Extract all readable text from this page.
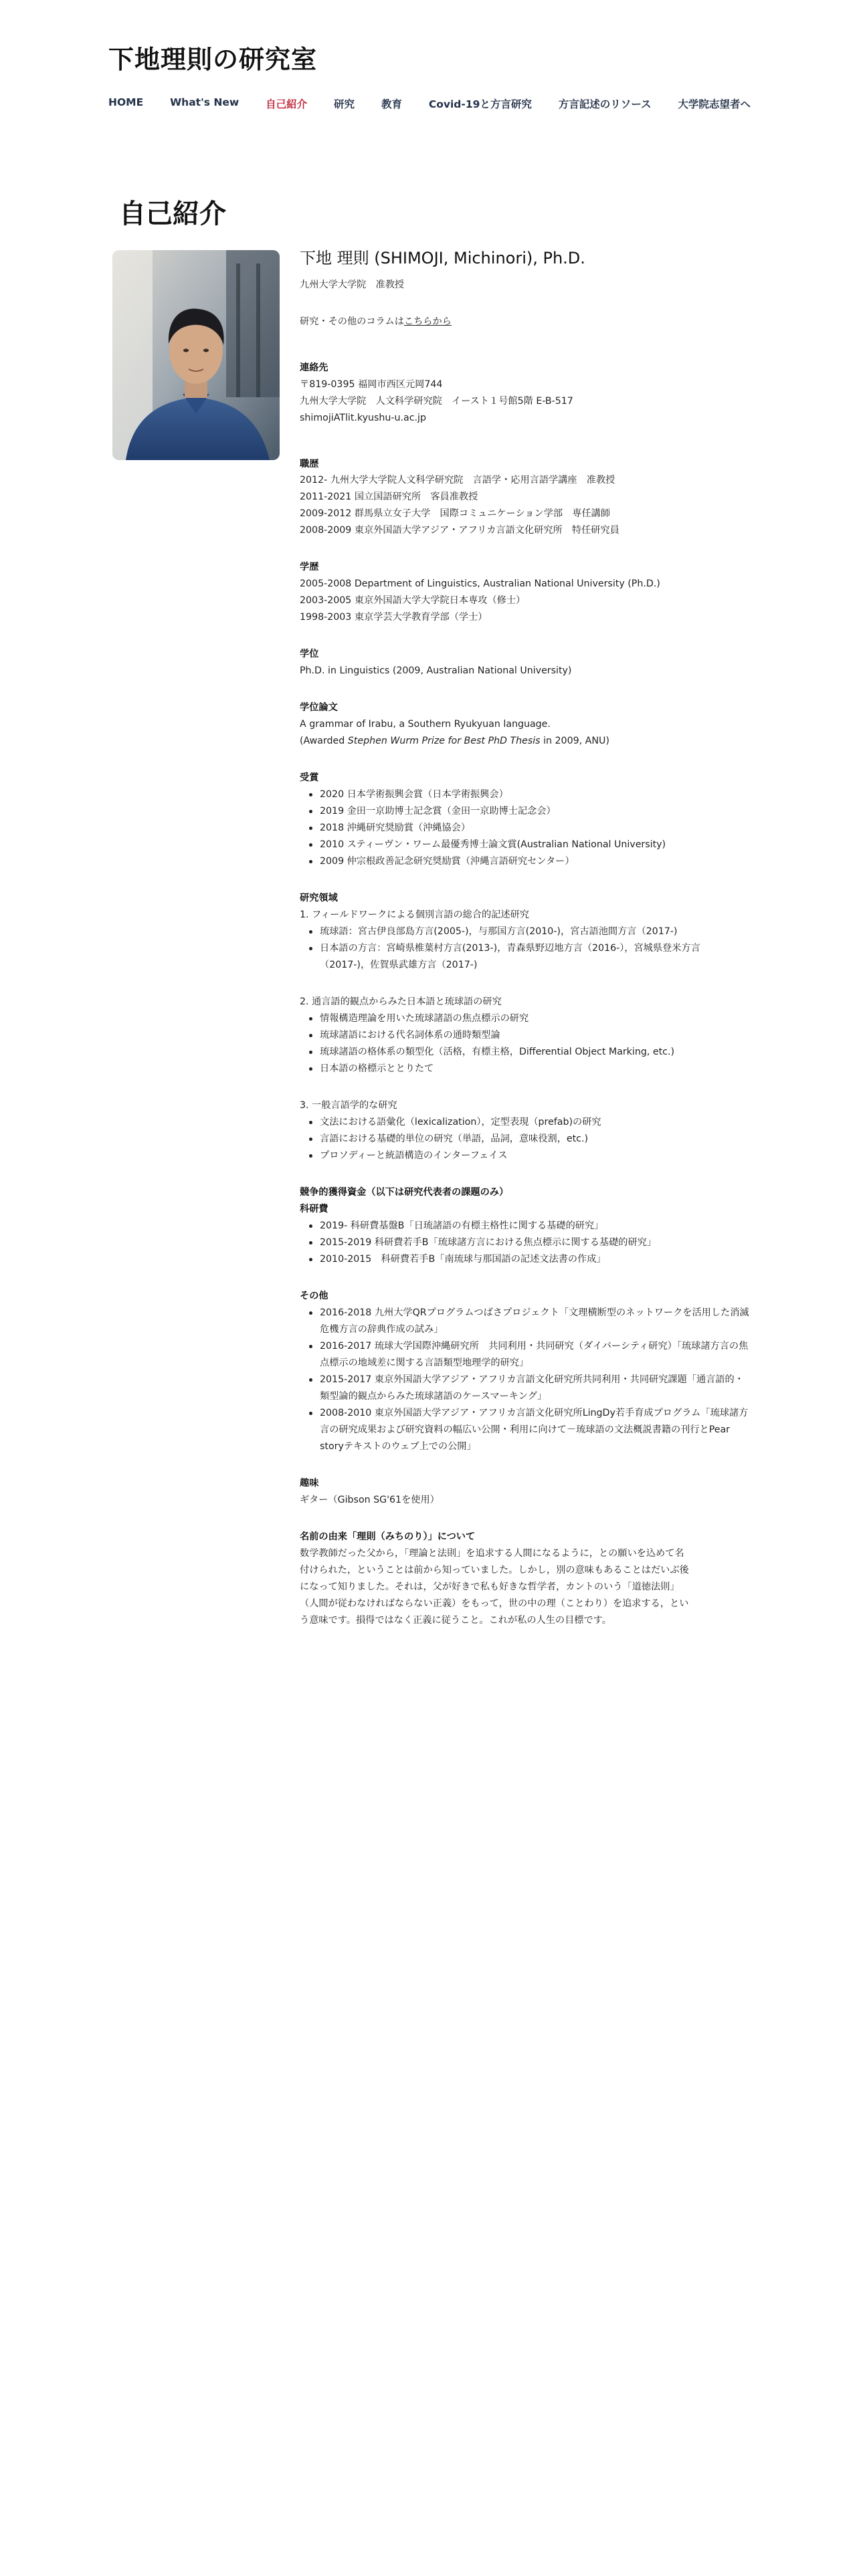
下地理則の研究室
HOME	What's New	自己紹介	研究	教育	Covid-19と方言研究	方言記述のリソース	大学院志望者へ
自己紹介
下地 理則 (SHIMOJI, Michinori), Ph.D.

九州大学大学院　准教授

研究・その他のコラムはこちらから

連絡先

〒819-0395 福岡市西区元岡744

九州大学大学院　人文科学研究院　イースト１号館5階 E-B-517

shimojiATlit.kyushu-u.ac.jp

職歴

2012- 九州大学大学院人文科学研究院　言語学・応用言語学講座　准教授

2011-2021 国立国語研究所　客員准教授

2009-2012 群馬県立女子大学　国際コミュニケーション学部　専任講師

2008-2009 東京外国語大学アジア・アフリカ言語文化研究所　特任研究員

学歴

2005-2008 Department of Linguistics, Australian National University (Ph.D.)

2003-2005 東京外国語大学大学院日本専攻（修士）

1998-2003 東京学芸大学教育学部（学士）

学位

Ph.D. in Linguistics (2009, Australian National University)

学位論文

A grammar of Irabu, a Southern Ryukyuan language.

(Awarded Stephen Wurm Prize for Best PhD Thesis in 2009, ANU)

受賞

2020 日本学術振興会賞（日本学術振興会）
2019 金田一京助博士記念賞（金田一京助博士記念会）
2018 沖縄研究奨励賞（沖縄協会）
2010 スティーヴン・ワーム最優秀博士論文賞(Australian National University)
2009 仲宗根政善記念研究奨励賞（沖縄言語研究センター）

研究領域

1. フィールドワークによる個別言語の総合的記述研究

琉球語：宮古伊良部島方言(2005-)，与那国方言(2010-)，宮古語池間方言（2017-)
日本語の方言：宮崎県椎葉村方言(2013-)，青森県野辺地方言（2016-），宮城県登米方言（2017-)，佐賀県武雄方言（2017-)

2. 通言語的観点からみた日本語と琉球語の研究

情報構造理論を用いた琉球諸語の焦点標示の研究
琉球諸語における代名詞体系の通時類型論
琉球諸語の格体系の類型化（活格，有標主格，Differential Object Marking, etc.)
日本語の格標示ととりたて

3. 一般言語学的な研究

文法における語彙化（lexicalization），定型表現（prefab)の研究
言語における基礎的単位の研究（単語，品詞，意味役割，etc.)
プロソディーと統語構造のインターフェイス

競争的獲得資金（以下は研究代表者の課題のみ）

科研費

2019- 科研費基盤B「日琉諸語の有標主格性に関する基礎的研究」
2015-2019 科研費若手B「琉球諸方言における焦点標示に関する基礎的研究」
2010-2015　科研費若手B「南琉球与那国語の記述文法書の作成」

その他

2016-2018 九州大学QRプログラムつばさプロジェクト「文理横断型のネットワークを活用した消滅危機方言の辞典作成の試み」
2016-2017 琉球大学国際沖縄研究所　共同利用・共同研究（ダイバーシティ研究）「琉球諸方言の焦点標示の地域差に関する言語類型地理学的研究」
2015-2017 東京外国語大学アジア・アフリカ言語文化研究所共同利用・共同研究課題「通言語的・類型論的観点からみた琉球諸語のケースマーキング」
2008-2010 東京外国語大学アジア・アフリカ言語文化研究所LingDy若手育成プログラム「琉球諸方言の研究成果および研究資料の幅広い公開・利用に向けて－琉球語の文法概説書籍の刊行とPear storyテキストのウェブ上での公開」

趣味

ギター（Gibson SG'61を使用）

名前の由来「理則（みちのり）」について

数学教師だった父から，「理論と法則」を追求する人間になるように，との願いを込めて名

付けられた，ということは前から知っていました。しかし，別の意味もあることはだいぶ後

になって知りました。それは，父が好きで私も好きな哲学者，カントのいう「道徳法則」

（人間が従わなければならない正義）をもって，世の中の理（ことわり）を追求する，とい

う意味です。損得ではなく正義に従うこと。これが私の人生の目標です。
